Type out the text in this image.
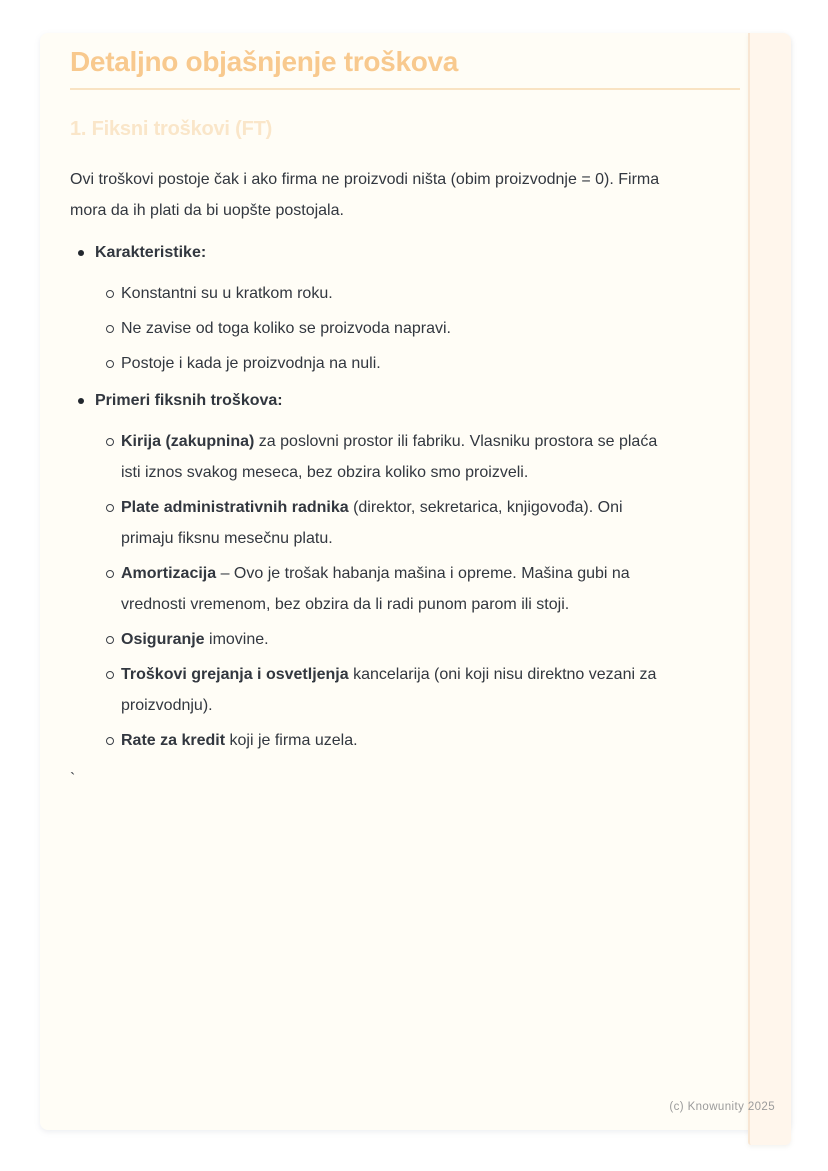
Detaljno objašnjenje troškova
1. Fiksni troškovi (FT)

Ovi troškovi postoje čak i ako firma ne proizvodi ništa (obim proizvodnje = 0). Firma mora da ih plati da bi uopšte postojala.

Karakteristike:
Konstantni su u kratkom roku.
Ne zavise od toga koliko se proizvoda napravi.
Postoje i kada je proizvodnja na nuli.
Primeri fiksnih troškova:
Kirija (zakupnina) za poslovni prostor ili fabriku. Vlasniku prostora se plaća isti iznos svakog meseca, bez obzira koliko smo proizveli.
Plate administrativnih radnika (direktor, sekretarica, knjigovođa). Oni primaju fiksnu mesečnu platu.
Amortizacija – Ovo je trošak habanja mašina i opreme. Mašina gubi na vrednosti vremenom, bez obzira da li radi punom parom ili stoji.
Osiguranje imovine.
Troškovi grejanja i osvetljenja kancelarija (oni koji nisu direktno vezani za proizvodnju).
Rate za kredit koji je firma uzela.
`
(c) Knowunity 2025
